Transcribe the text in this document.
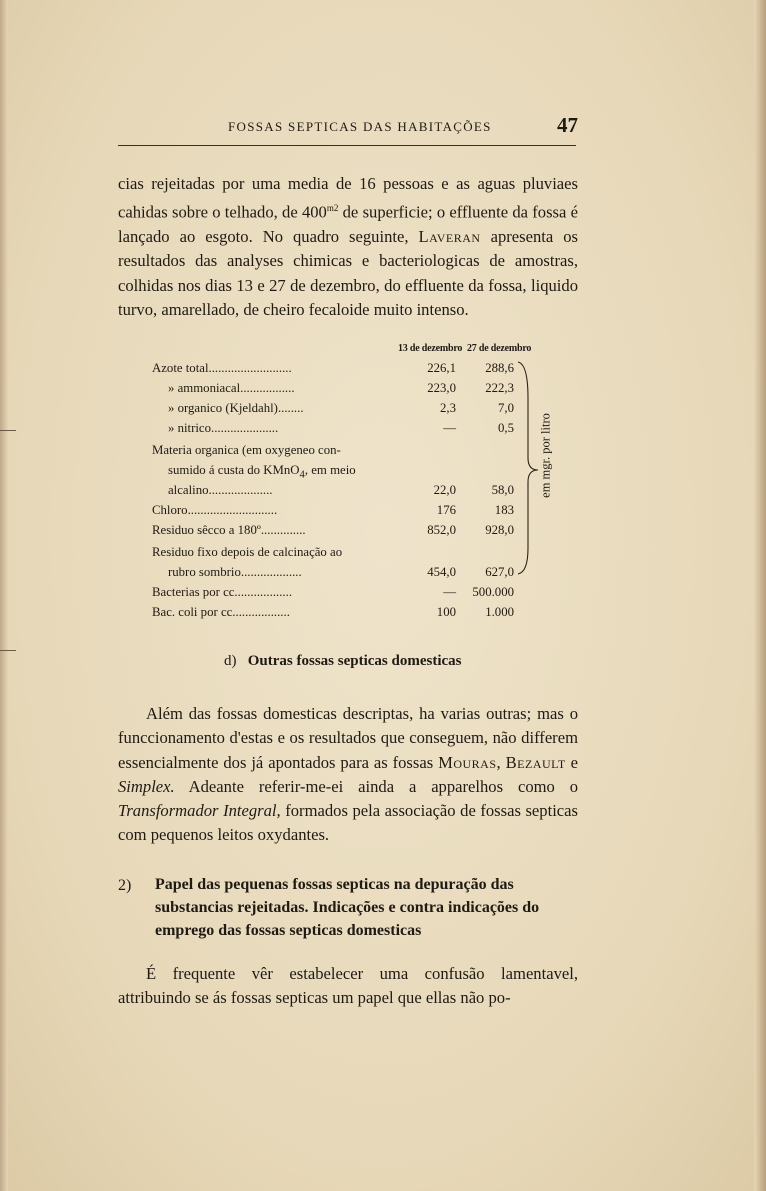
FOSSAS SEPTICAS DAS HABITAÇÕES	47

cias rejeitadas por uma media de 16 pessoas e as aguas pluviaes cahidas sobre o telhado, de $400^{m2}$ de superficie; o effluente da fossa é lançado ao esgoto. No quadro seguinte, Laveran apresenta os resultados das analyses chimicas e bacteriologicas de amostras, colhidas nos dias 13 e 27 de dezembro, do effluente da fossa, liquido turvo, amarellado, de cheiro fecaloide muito intenso.

13 de dezembro 27 de dezembro
em mgr. por litro
Azote total..........................	226,1	288,6
» ammoniacal.................	223,0	222,3
» organico (Kjeldahl)........	2,3	7,0
» nitrico.....................	—	0,5
Materia organica (em oxygeneo con-
sumido á custa do KMnO$_4$, em meio
alcalino....................	22,0	58,0
Chloro............................	176	183
Residuo sêcco a 180º..............	852,0	928,0
Residuo fixo depois de calcinação ao
rubro sombrio...................	454,0	627,0
Bacterias por cc..................	—	500.000
Bac. coli por cc..................	100	1.000
d) Outras fossas septicas domesticas

Além das fossas domesticas descriptas, ha varias outras; mas o funccionamento d'estas e os resultados que conseguem, não differem essencialmente dos já apontados para as fossas Mouras, Bezault e Simplex. Adeante referir-me-ei ainda a apparelhos como o Transformador Integral, formados pela associação de fossas septicas com pequenos leitos oxydantes.

2) Papel das pequenas fossas septicas na depuração das substancias rejeitadas. Indicações e contra indicações do emprego das fossas septicas domesticas

É frequente vêr estabelecer uma confusão lamentavel, attribuindo se ás fossas septicas um papel que ellas não po-
